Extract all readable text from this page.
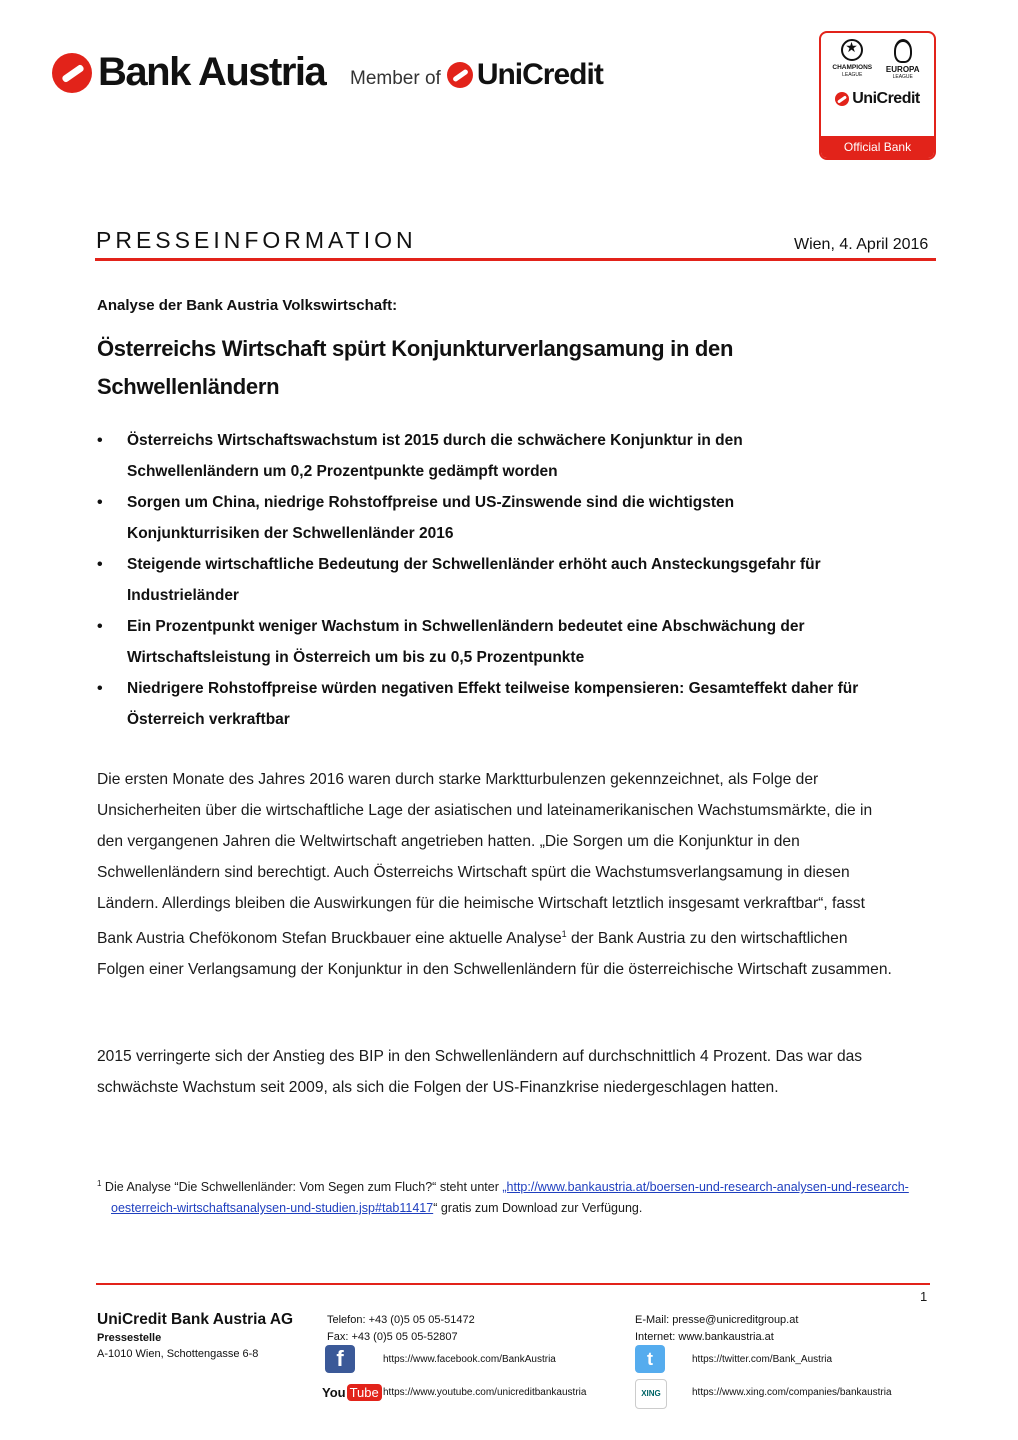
Bank Austria Member of UniCredit
★	CHAMPIONS
LEAGUE
EUROPA
LEAGUE
UniCredit
Official Bank
PRESSEINFORMATION	Wien, 4. April 2016
Analyse der Bank Austria Volkswirtschaft:
Österreichs Wirtschaft spürt Konjunkturverlangsamung in den Schwellenländern
• Österreichs Wirtschaftswachstum ist 2015 durch die schwächere Konjunktur in den Schwellenländern um 0,2 Prozentpunkte gedämpft worden
• Sorgen um China, niedrige Rohstoffpreise und US-Zinswende sind die wichtigsten Konjunkturrisiken der Schwellenländer 2016
• Steigende wirtschaftliche Bedeutung der Schwellenländer erhöht auch Ansteckungsgefahr für Industrieländer
• Ein Prozentpunkt weniger Wachstum in Schwellenländern bedeutet eine Abschwächung der Wirtschaftsleistung in Österreich um bis zu 0,5 Prozentpunkte
• Niedrigere Rohstoffpreise würden negativen Effekt teilweise kompensieren: Gesamteffekt daher für Österreich verkraftbar

Die ersten Monate des Jahres 2016 waren durch starke Marktturbulenzen gekennzeichnet, als Folge der Unsicherheiten über die wirtschaftliche Lage der asiatischen und lateinamerikanischen Wachstumsmärkte, die in den vergangenen Jahren die Weltwirtschaft angetrieben hatten. „Die Sorgen um die Konjunktur in den Schwellenländern sind berechtigt. Auch Österreichs Wirtschaft spürt die Wachstumsverlangsamung in diesen Ländern. Allerdings bleiben die Auswirkungen für die heimische Wirtschaft letztlich insgesamt verkraftbar“, fasst Bank Austria Chefökonom Stefan Bruckbauer eine aktuelle Analyse$^1$ der Bank Austria zu den wirtschaftlichen Folgen einer Verlangsamung der Konjunktur in den Schwellenländern für die österreichische Wirtschaft zusammen.

2015 verringerte sich der Anstieg des BIP in den Schwellenländern auf durchschnittlich 4 Prozent. Das war das schwächste Wachstum seit 2009, als sich die Folgen der US-Finanzkrise niedergeschlagen hatten.

$^1$ Die Analyse “Die Schwellenländer: Vom Segen zum Fluch?“ steht unter „http://www.bankaustria.at/boersen-und-research-analysen-und-research-oesterreich-wirtschaftsanalysen-und-studien.jsp#tab11417“ gratis zum Download zur Verfügung.
1
UniCredit Bank Austria AG
Pressestelle
A-1010 Wien, Schottengasse 6-8
Telefon: +43 (0)5 05 05-51472
Fax: +43 (0)5 05 05-52807
E-Mail: presse@unicreditgroup.at
Internet: www.bankaustria.at
f	https://www.facebook.com/BankAustria	t	https://twitter.com/Bank_Austria
You Tube https://www.youtube.com/unicreditbankaustria	XING	https://www.xing.com/companies/bankaustria
